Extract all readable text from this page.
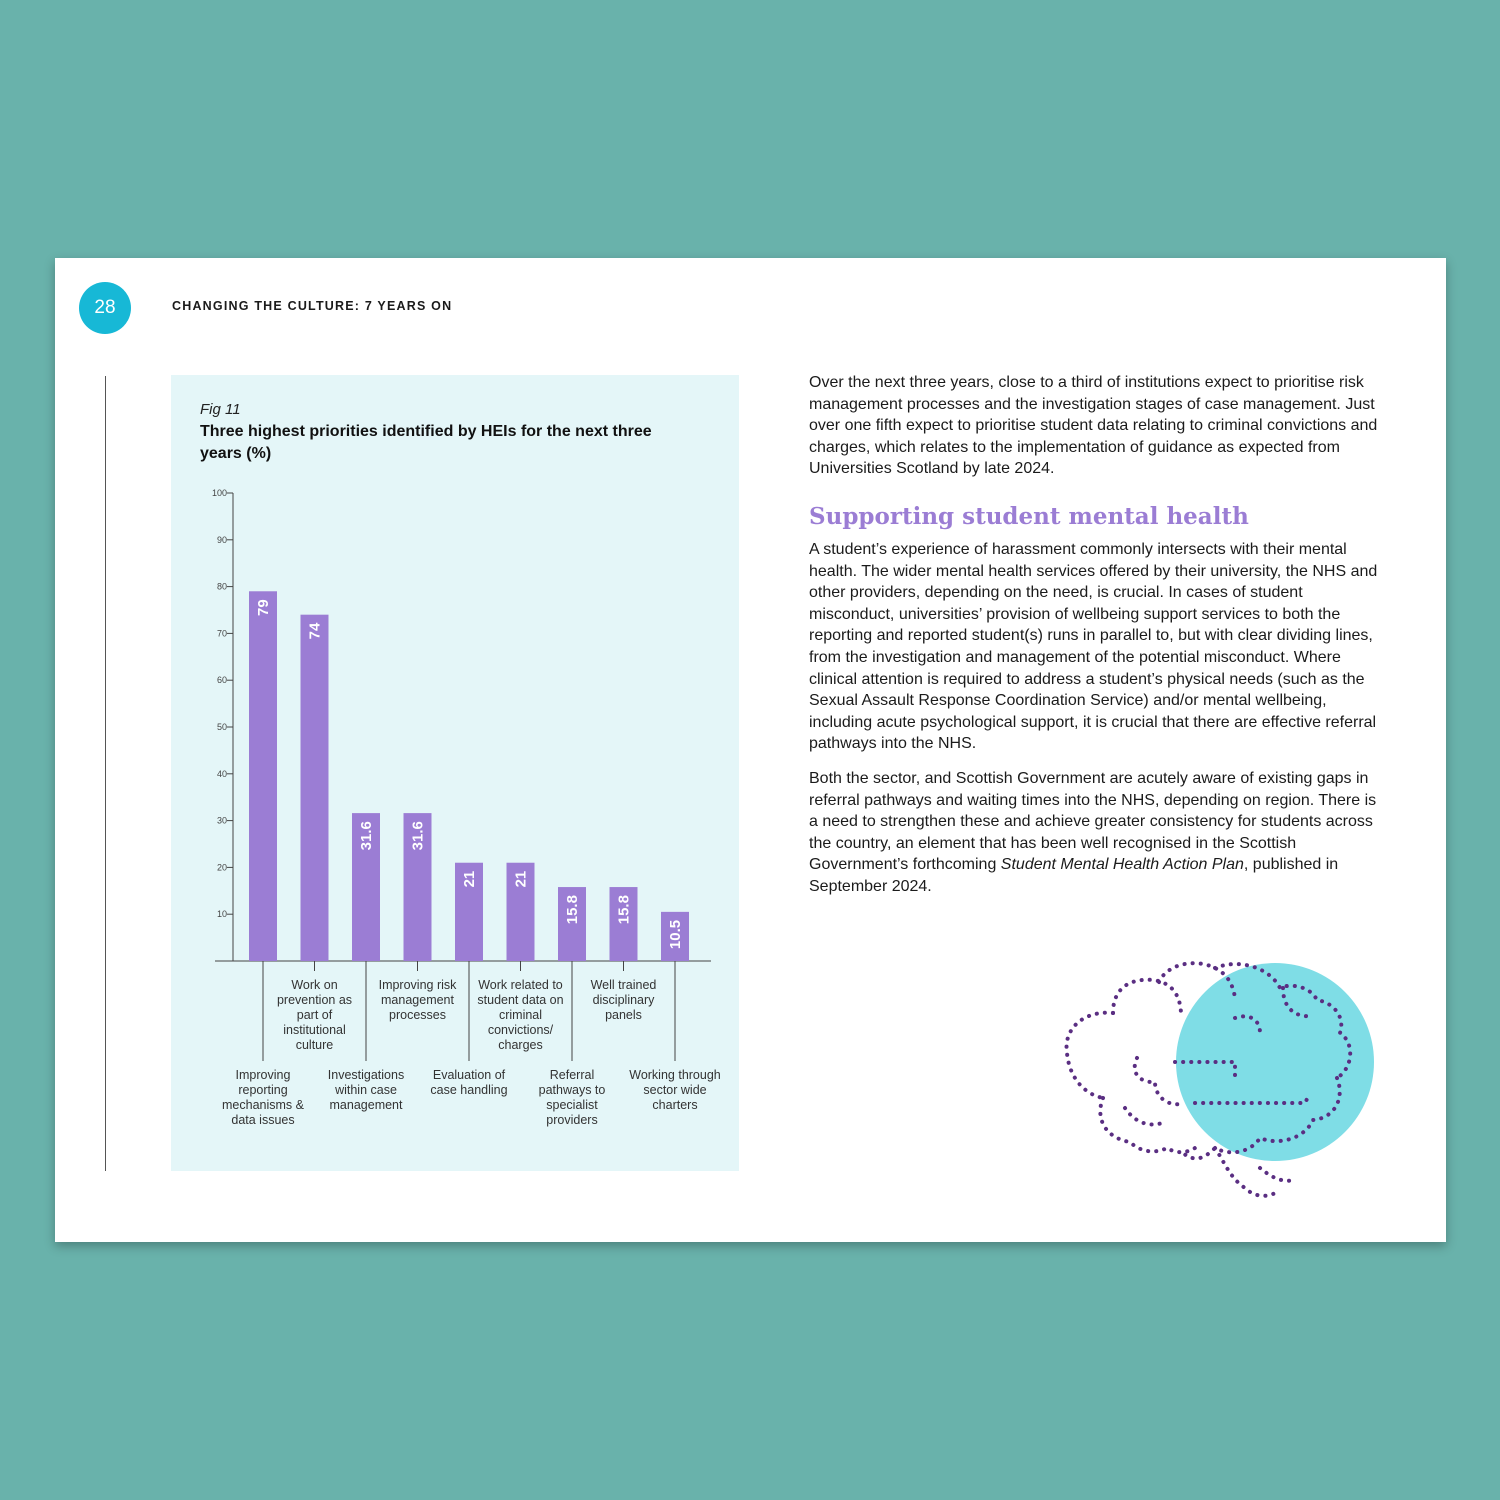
28	CHANGING THE CULTURE: 7 YEARS ON
Fig 11
Three highest priorities identified by HEIs for the next three years (%)
10
20
30
40
50
60
70
80
90
100
79
74
31.6 31.6
21 21
15.8 15.8
10.5
Improving reporting mechanisms & data issues
Work on prevention as part of institutional culture
Investigations within case management
Improving risk management processes
Evaluation of case handling
Work related to student data on criminal convictions/ charges
Referral pathways to specialist providers
Well trained disciplinary panels
Working through sector wide charters

Over the next three years, close to a third of institutions expect to prioritise risk management processes and the investigation stages of case management. Just over one fifth expect to prioritise student data relating to criminal convictions and charges, which relates to the implementation of guidance as expected from Universities Scotland by late 2024.

Supporting student mental health

A student’s experience of harassment commonly intersects with their mental health. The wider mental health services offered by their university, the NHS and other providers, depending on the need, is crucial. In cases of student misconduct, universities’ provision of wellbeing support services to both the reporting and reported student(s) runs in parallel to, but with clear dividing lines, from the investigation and management of the potential misconduct. Where clinical attention is required to address a student’s physical needs (such as the Sexual Assault Response Coordination Service) and/or mental wellbeing, including acute psychological support, it is crucial that there are effective referral pathways into the NHS.

Both the sector, and Scottish Government are acutely aware of existing gaps in referral pathways and waiting times into the NHS, depending on region. There is a need to strengthen these and achieve greater consistency for students across the country, an element that has been well recognised in the Scottish Government’s forthcoming Student Mental Health Action Plan, published in September 2024.
